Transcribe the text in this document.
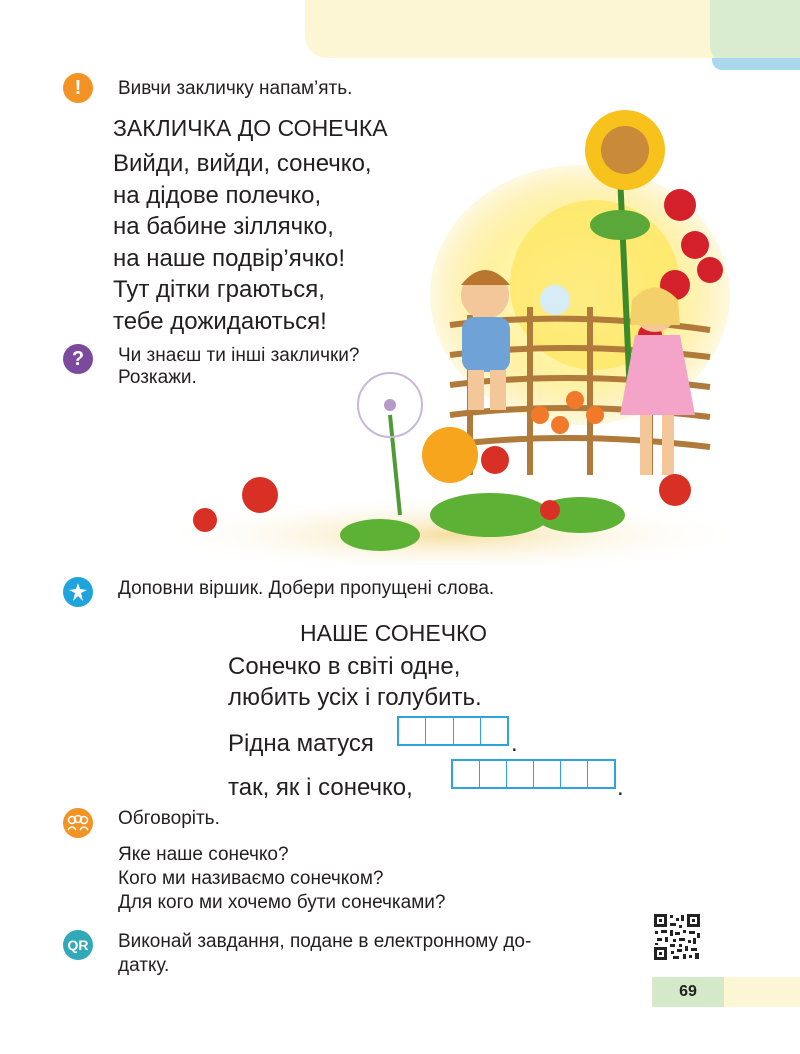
!	Вивчи закличку напам’ять.
ЗАКЛИЧКА ДО СОНЕЧКА
Вийди, вийди, сонечко,
на дідове полечко,
на бабине зіллячко,
на наше подвір’ячко!
Тут дітки граються,
тебе дожидаються!
?	Чи знаєш ти інші заклички?
Розкажи.
Доповни віршик. Добери пропущені слова.
НАШЕ СОНЕЧКО
Сонечко в світі одне,
любить усіх і голубить.
Рідна матуся	.
так, як і сонечко,	.
Обговоріть.
Яке наше сонечко?
Кого ми називаємо сонечком?
Для кого ми хочемо бути сонечками?
QR Виконай завдання, подане в електронному до-
датку.
69
